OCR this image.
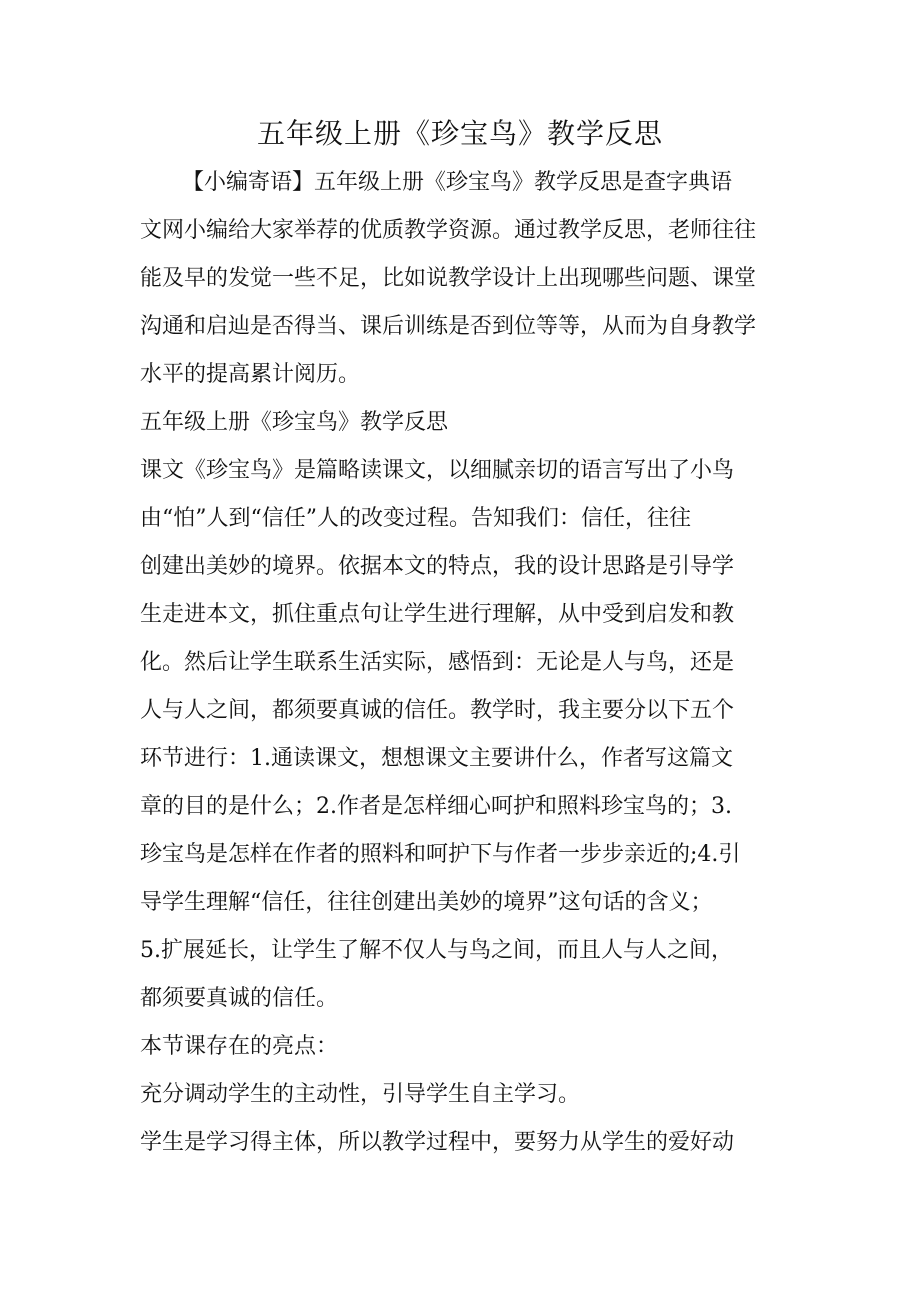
五年级上册《珍宝鸟》教学反思
【小编寄语】五年级上册《珍宝鸟》教学反思是查字典语
文网小编给大家举荐的优质教学资源。通过教学反思，老师往往
能及早的发觉一些不足，比如说教学设计上出现哪些问题、课堂
沟通和启辿是否得当、课后训练是否到位等等，从而为自身教学
水平的提高累计阅历。
五年级上册《珍宝鸟》教学反思
课文《珍宝鸟》是篇略读课文，以细腻亲切的语言写出了小鸟
由“怕”人到“信任”人的改变过程。告知我们：信任，往往
创建出美妙的境界。依据本文的特点，我的设计思路是引导学
生走进本文，抓住重点句让学生进行理解，从中受到启发和教
化。然后让学生联系生活实际，感悟到：无论是人与鸟，还是
人与人之间，都须要真诚的信任。教学时，我主要分以下五个
环节进行：1.通读课文，想想课文主要讲什么，作者写这篇文
章的目的是什么；2.作者是怎样细心呵护和照料珍宝鸟的；3.
珍宝鸟是怎样在作者的照料和呵护下与作者一步步亲近的;4.引
导学生理解“信任，往往创建出美妙的境界”这句话的含义；
5.扩展延长，让学生了解不仅人与鸟之间，而且人与人之间，
都须要真诚的信任。
本节课存在的亮点：
充分调动学生的主动性，引导学生自主学习。
学生是学习得主体，所以教学过程中，要努力从学生的爱好动
